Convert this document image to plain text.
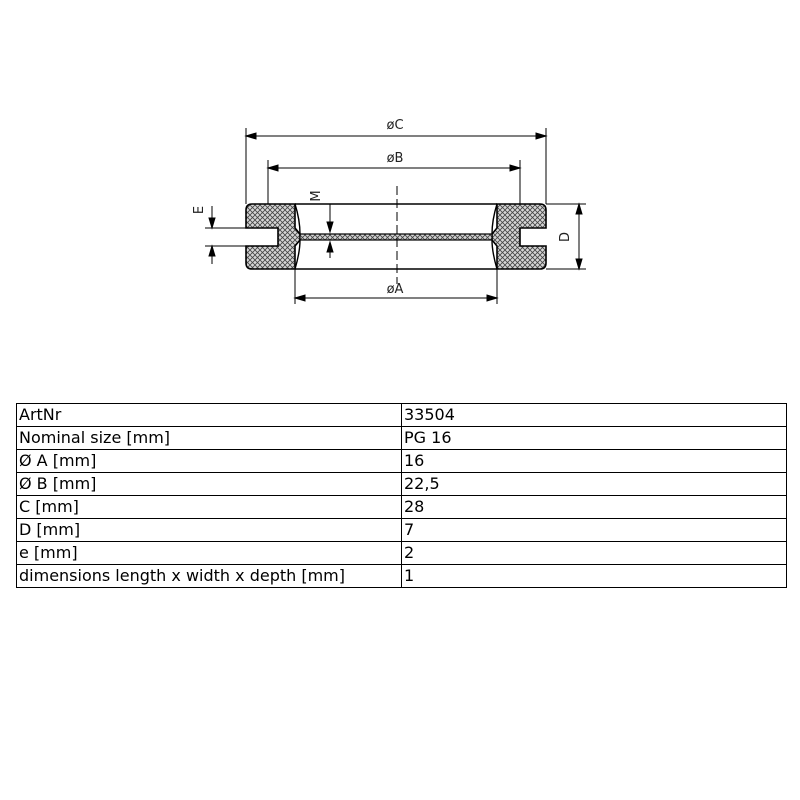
øC
øB
øA
M
E
D
ArtNr	33504
Nominal size [mm]	PG 16
Ø A [mm]	16
Ø B [mm]	22,5
C [mm]	28
D [mm]	7
e [mm]	2
dimensions length x width x depth [mm]	1
